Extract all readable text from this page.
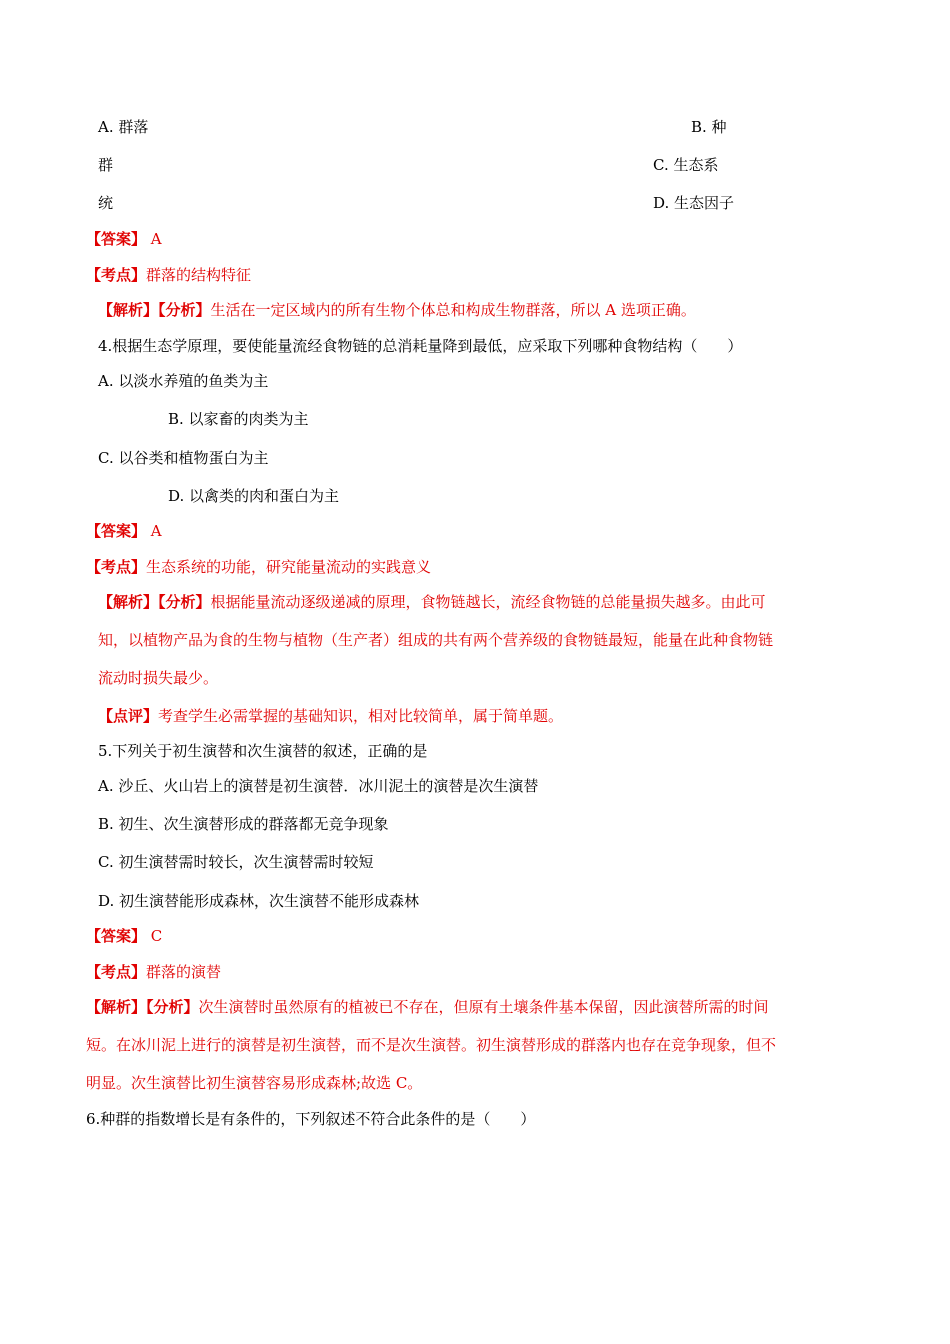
A. 群落	B. 种
群	C. 生态系
统	D. 生态因子
【答案】 A
【考点】群落的结构特征
【解析】【分析】生活在一定区域内的所有生物个体总和构成生物群落，所以 A 选项正确。
4.根据生态学原理，要使能量流经食物链的总消耗量降到最低，应采取下列哪种食物结构（　　）
A. 以淡水养殖的鱼类为主
B. 以家畜的肉类为主
C. 以谷类和植物蛋白为主
D. 以禽类的肉和蛋白为主
【答案】 A
【考点】生态系统的功能，研究能量流动的实践意义
【解析】【分析】根据能量流动逐级递减的原理，食物链越长，流经食物链的总能量损失越多。由此可
知，以植物产品为食的生物与植物（生产者）组成的共有两个营养级的食物链最短，能量在此种食物链
流动时损失最少。
【点评】考查学生必需掌握的基础知识，相对比较简单，属于简单题。
5.下列关于初生演替和次生演替的叙述，正确的是
A. 沙丘、火山岩上的演替是初生演替．冰川泥土的演替是次生演替
B. 初生、次生演替形成的群落都无竞争现象
C. 初生演替需时较长，次生演替需时较短
D. 初生演替能形成森林，次生演替不能形成森林
【答案】 C
【考点】群落的演替
【解析】【分析】次生演替时虽然原有的植被已不存在，但原有土壤条件基本保留，因此演替所需的时间
短。在冰川泥上进行的演替是初生演替，而不是次生演替。初生演替形成的群落内也存在竞争现象，但不
明显。次生演替比初生演替容易形成森林;故选 C。
6.种群的指数增长是有条件的，下列叙述不符合此条件的是（　　）
